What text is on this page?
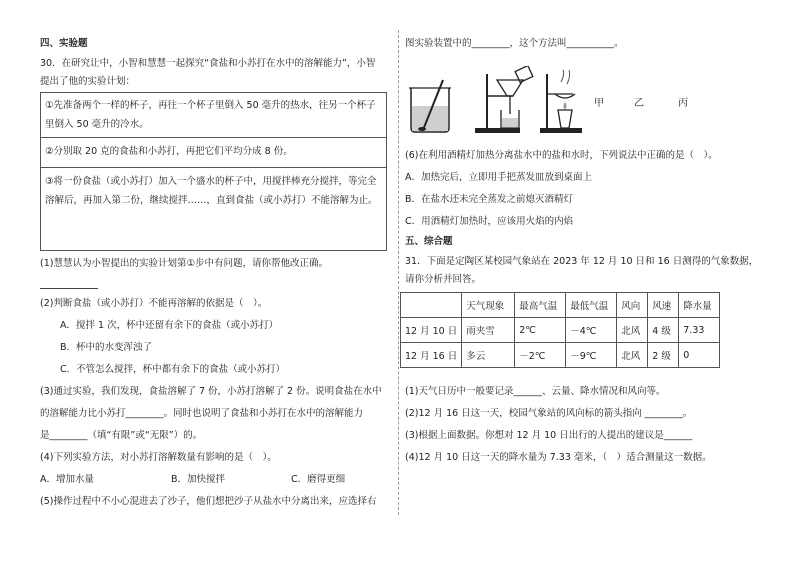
四、实验题
30．在研究让中，小智和慧慧一起探究“食盐和小苏打在水中的溶解能力”，小智
提出了他的实验计划：
①先准备两个一样的杯子，再往一个杯子里倒入 50 毫升的热水，往另一个杯子里倒入 50 毫升的冷水。
②分别取 20 克的食盐和小苏打，再把它们平均分成 8 份。
③将一份食盐（或小苏打）加入一个盛水的杯子中，用搅拌棒充分搅拌，等完全溶解后，再加入第二份，继续搅拌……，直到食盐（或小苏打）不能溶解为止。
(1)慧慧认为小智提出的实验计划第①步中有问题，请你帮他改正确。
(2)判断食盐（或小苏打）不能再溶解的依据是（　）。
A．搅拌 1 次，杯中还留有余下的食盐（或小苏打）
B．杯中的水变浑浊了
C．不管怎么搅拌，杯中都有余下的食盐（或小苏打）
(3)通过实验，我们发现，食盐溶解了 7 份，小苏打溶解了 2 份。说明食盐在水中
的溶解能力比小苏打________。同时也说明了食盐和小苏打在水中的溶解能力
是________（填“有限”或“无限”）的。
(4)下列实验方法，对小苏打溶解数量有影响的是（　）。
A．增加水量	B．加快搅拌	C．磨得更细
(5)操作过程中不小心混进去了沙子，他们想把沙子从盐水中分离出来，应选择右
图实验装置中的________，这个方法叫__________。
甲	乙	丙
(6)在利用酒精灯加热分离盐水中的盐和水时，下列说法中正确的是（　）。
A．加热完后，立即用手把蒸发皿放到桌面上
B．在盐水还未完全蒸发之前熄灭酒精灯
C．用酒精灯加热时，应该用火焰的内焰
五、综合题
31．下面是定陶区某校园气象站在 2023 年 12 月 10 日和 16 日测得的气象数据，
请你分析并回答。
	天气现象	最高气温	最低气温	风向	风速	降水量
12 月 10 日	雨夹雪	2℃	－4℃	北风	4 级	7.33
12 月 16 日	多云	－2℃	－9℃	北风	2 级	0
(1)天气日历中一般要记录______、云量、降水情况和风向等。
(2)12 月 16 日这一天，校园气象站的风向标的箭头指向 ________。
(3)根据上面数据。你想对 12 月 10 日出行的人提出的建议是______
(4)12 月 10 日这一天的降水量为 7.33 毫米，（　）适合测量这一数据。
